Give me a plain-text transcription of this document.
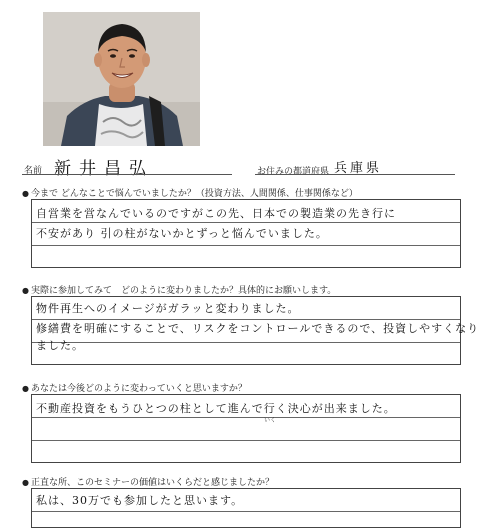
名前 新井昌弘	お住みの都道府県 兵庫県
● 今まで どんなことで悩んでいましたか？（投資方法、人間関係、仕事関係など）
自営業を営なんでいるのですがこの先、日本での製造業の先き行に
不安があり 引の柱がないかとずっと悩んでいました。
● 実際に参加してみて　どのように変わりましたか？具体的にお願いします。
物件再生へのイメージがガラッと変わりました。
修繕費を明確にすることで、リスクをコントロールできるので、投資しやすくなり
ました。
● あなたは今後どのように変わっていくと思いますか？
不動産投資をもうひとつの柱として進んで行く決心が出来ました。
いく
● 正直な所、このセミナーの価値はいくらだと感じましたか？
私は、30万でも参加したと思います。
